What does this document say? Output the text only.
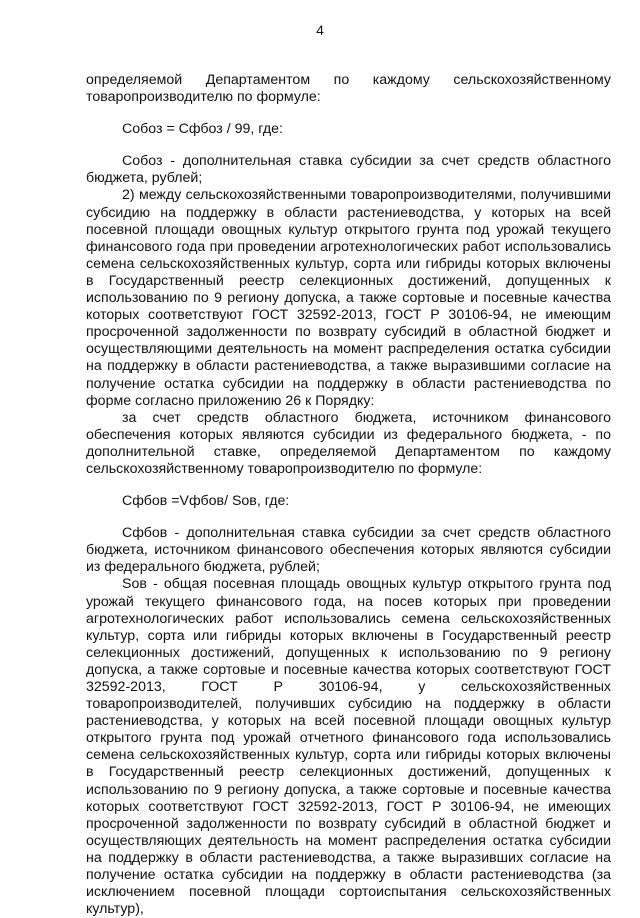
4

определяемой Департаментом по каждому сельскохозяйственному товаропроизводителю по формуле:

Собоз = Сфбоз / 99, где:

Собоз - дополнительная ставка субсидии за счет средств областного бюджета, рублей;

2) между сельскохозяйственными товаропроизводителями, получившими субсидию на поддержку в области растениеводства, у которых на всей посевной площади овощных культур открытого грунта под урожай текущего финансового года при проведении агротехнологических работ использовались семена сельскохозяйственных культур, сорта или гибриды которых включены в Государственный реестр селекционных достижений, допущенных к использованию по 9 региону допуска, а также сортовые и посевные качества которых соответствуют ГОСТ 32592-2013, ГОСТ Р 30106-94, не имеющим просроченной задолженности по возврату субсидий в областной бюджет и осуществляющими деятельность на момент распределения остатка субсидии на поддержку в области растениеводства, а также выразившими согласие на получение остатка субсидии на поддержку в области растениеводства по форме согласно приложению 26 к Порядку:

за счет средств областного бюджета, источником финансового обеспечения которых являются субсидии из федерального бюджета, - по дополнительной ставке, определяемой Департаментом по каждому сельскохозяйственному товаропроизводителю по формуле:

Сфбов =Vфбов/ Sов, где:

Сфбов - дополнительная ставка субсидии за счет средств областного бюджета, источником финансового обеспечения которых являются субсидии из федерального бюджета, рублей;

Sов - общая посевная площадь овощных культур открытого грунта под урожай текущего финансового года, на посев которых при проведении агротехнологических работ использовались семена сельскохозяйственных культур, сорта или гибриды которых включены в Государственный реестр селекционных достижений, допущенных к использованию по 9 региону допуска, а также сортовые и посевные качества которых соответствуют ГОСТ 32592-2013, ГОСТ Р 30106-94, у сельскохозяйственных товаропроизводителей, получивших субсидию на поддержку в области растениеводства, у которых на всей посевной площади овощных культур открытого грунта под урожай отчетного финансового года использовались семена сельскохозяйственных культур, сорта или гибриды которых включены в Государственный реестр селекционных достижений, допущенных к использованию по 9 региону допуска, а также сортовые и посевные качества которых соответствуют ГОСТ 32592-2013, ГОСТ Р 30106-94, не имеющих просроченной задолженности по возврату субсидий в областной бюджет и осуществляющих деятельность на момент распределения остатка субсидии на поддержку в области растениеводства, а также выразивших согласие на получение остатка субсидии на поддержку в области растениеводства (за исключением посевной площади сортоиспытания сельскохозяйственных культур),
